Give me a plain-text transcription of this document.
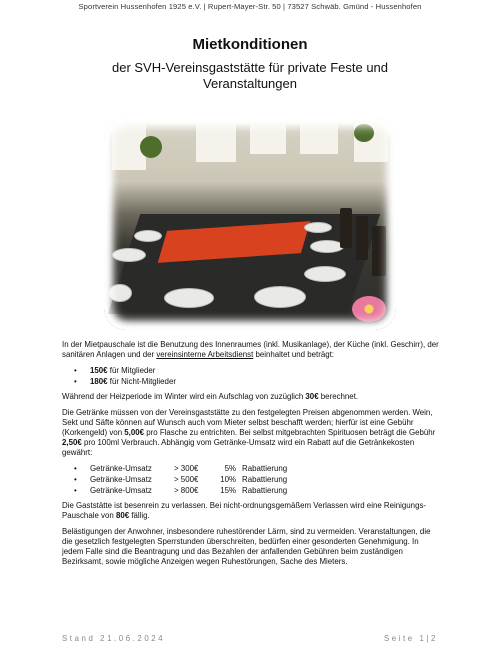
Sportverein Hussenhofen 1925 e.V. | Rupert-Mayer-Str. 50 | 73527 Schwäb. Gmünd - Hussenhofen
Mietkonditionen
der SVH-Vereinsgaststätte für private Feste und Veranstaltungen

In der Mietpauschale ist die Benutzung des Innenraumes (inkl. Musikanlage), der Küche (inkl. Geschirr), der sanitären Anlagen und der vereinsinterne Arbeitsdienst beinhaltet und beträgt:

• 150€ für Mitglieder
• 180€ für Nicht-Mitglieder

Während der Heizperiode im Winter wird ein Aufschlag von zuzüglich 30€ berechnet.

Die Getränke müssen von der Vereinsgaststätte zu den festgelegten Preisen abgenommen werden. Wein, Sekt und Säfte können auf Wunsch auch vom Mieter selbst beschafft werden; hierfür ist eine Gebühr (Korkengeld) von 5,00€ pro Flasche zu entrichten. Bei selbst mitgebrachten Spirituosen beträgt die Gebühr 2,50€ pro 100ml Verbrauch. Abhängig vom Getränke-Umsatz wird ein Rabatt auf die Getränkekosten gewährt:

• Getränke-Umsatz	> 300€	5% Rabattierung
• Getränke-Umsatz	> 500€	10% Rabattierung
• Getränke-Umsatz	> 800€	15% Rabattierung

Die Gaststätte ist besenrein zu verlassen. Bei nicht-ordnungsgemäßem Verlassen wird eine Reinigungs-Pauschale von 80€ fällig.

Belästigungen der Anwohner, insbesondere ruhestörender Lärm, sind zu vermeiden. Veranstaltungen, die die gesetzlich festgelegten Sperrstunden überschreiten, bedürfen einer gesonderten Genehmigung. In jedem Falle sind die Beantragung und das Bezahlen der anfallenden Gebühren beim zuständigen Bezirksamt, sowie mögliche Anzeigen wegen Ruhestörungen, Sache des Mieters.

Stand 21.06.2024	Seite 1|2
